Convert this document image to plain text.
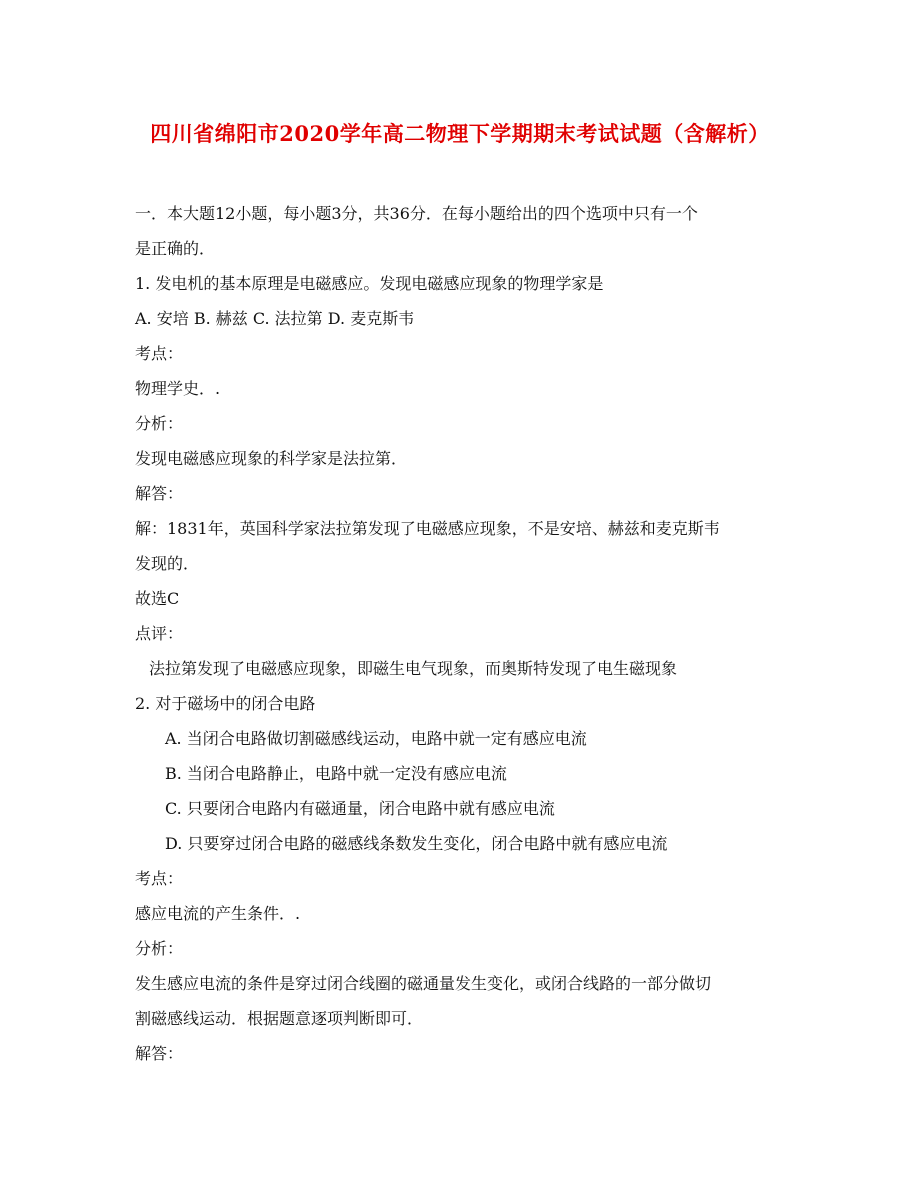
四川省绵阳市2020学年高二物理下学期期末考试试题（含解析）
一．本大题12小题，每小题3分，共36分．在每小题给出的四个选项中只有一个
是正确的．
1. 发电机的基本原理是电磁感应。发现电磁感应现象的物理学家是
A. 安培 B. 赫兹 C. 法拉第 D. 麦克斯韦
考点：
物理学史．.
分析：
发现电磁感应现象的科学家是法拉第．
解答：
解：1831年，英国科学家法拉第发现了电磁感应现象，不是安培、赫兹和麦克斯韦
发现的．
故选C
点评：
法拉第发现了电磁感应现象，即磁生电气现象，而奥斯特发现了电生磁现象
2. 对于磁场中的闭合电路
A. 当闭合电路做切割磁感线运动，电路中就一定有感应电流
B. 当闭合电路静止，电路中就一定没有感应电流
C. 只要闭合电路内有磁通量，闭合电路中就有感应电流
D. 只要穿过闭合电路的磁感线条数发生变化，闭合电路中就有感应电流
考点：
感应电流的产生条件．.
分析：
发生感应电流的条件是穿过闭合线圈的磁通量发生变化，或闭合线路的一部分做切
割磁感线运动．根据题意逐项判断即可．
解答：
